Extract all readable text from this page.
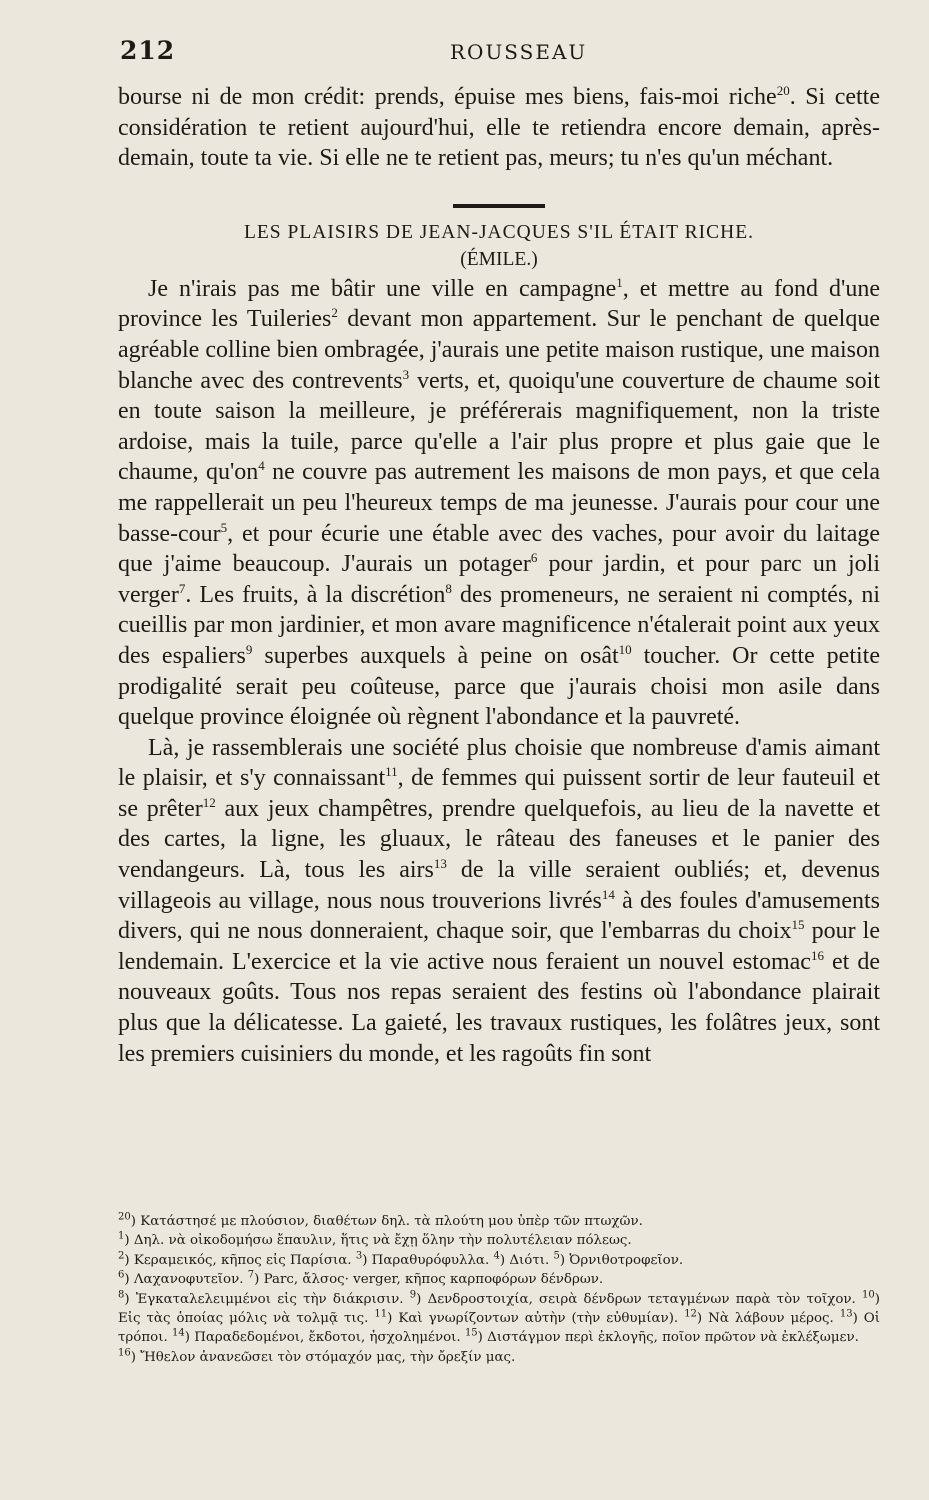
212	ROUSSEAU

bourse ni de mon crédit: prends, épuise mes biens, fais-moi riche$^{20}$. Si cette considération te retient aujourd'hui, elle te retiendra encore demain, après-demain, toute ta vie. Si elle ne te retient pas, meurs; tu n'es qu'un méchant.

LES PLAISIRS DE JEAN-JACQUES S'IL ÉTAIT RICHE.

(ÉMILE.)

Je n'irais pas me bâtir une ville en campagne$^1$, et mettre au fond d'une province les Tuileries$^2$ devant mon appartement. Sur le penchant de quelque agréable colline bien ombragée, j'aurais une petite maison rustique, une maison blanche avec des contrevents$^3$ verts, et, quoiqu'une couverture de chaume soit en toute saison la meilleure, je préférerais magnifiquement, non la triste ardoise, mais la tuile, parce qu'elle a l'air plus propre et plus gaie que le chaume, $qu'on^4$ ne couvre pas autrement les maisons de mon pays, et que cela me rappellerait un peu l'heureux temps de ma jeunesse. J'aurais pour cour une basse-cour$^5$, et pour écurie une étable avec des vaches, pour avoir du laitage que j'aime beaucoup. J'aurais un potager$^6$ pour jardin, et pour parc un joli verger$^7$. Les fruits, à la discrétion$^8$ des promeneurs, ne seraient ni comptés, ni cueillis par mon jardinier, et mon avare magnificence n'étalerait point aux yeux des espaliers$^9$ superbes auxquels à peine on osât$^{10}$ toucher. Or cette petite prodigalité serait peu coûteuse, parce que j'aurais choisi mon asile dans quelque province éloignée où règnent l'abondance et la pauvreté.

Là, je rassemblerais une société plus choisie que nombreuse d'amis aimant le plaisir, et s'y connaissant$^{11}$, de femmes qui puissent sortir de leur fauteuil et se prêter$^{12}$ aux jeux champêtres, prendre quelquefois, au lieu de la navette et des cartes, la ligne, les gluaux, le râteau des faneuses et le panier des vendangeurs. Là, tous les airs$^{13}$ de la ville seraient oubliés; et, devenus villageois au village, nous nous trouverions livrés$^{14}$ à des foules d'amusements divers, qui ne nous donneraient, chaque soir, que l'embarras du choix$^{15}$ pour le lendemain. L'exercice et la vie active nous feraient un nouvel estomac$^{16}$ et de nouveaux goûts. Tous nos repas seraient des festins où l'abondance plairait plus que la délicatesse. La gaieté, les travaux rustiques, les folâtres jeux, sont les premiers cuisiniers du monde, et les ragoûts fin sont

$^{20}$) Κατάστησέ με πλούσιον, διαθέτων δηλ. τὰ πλούτη μου ὑπὲρ τῶν πτωχῶν.
$^1$) Δηλ. νὰ οἰκοδομήσω ἔπαυλιν, ἥτις νὰ ἔχῃ ὅλην τὴν πολυτέλειαν πόλεως.
$^2$) Κεραμεικός, κῆπος εἰς Παρίσια. $^3$) Παραθυρόφυλλα. $^4$) Διότι. $^5$) Ὀρνιθοτροφεῖον.
$^6$) Λαχανοφυτεῖον. $^7$) Parc, ἄλσος· verger, κῆπος καρποφόρων δένδρων.
$^8$) Ἐγκαταλελειμμένοι εἰς τὴν διάκρισιν. $^9$) Δενδροστοιχία, σειρὰ δένδρων τεταγμένων παρὰ τὸν τοῖχον. $^{10}$) Εἰς τὰς ὁποίας μόλις νὰ τολμᾷ τις. $^{11}$) Καὶ γνωρίζοντων αὐτὴν (τὴν εὐθυμίαν). $^{12}$) Νὰ λάβουν μέρος. $^{13}$) Οἱ τρόποι. $^{14}$) Παραδεδομένοι, ἔκδοτοι, ἠσχολημένοι. $^{15}$) Διστάγμον περὶ ἐκλογῆς, ποῖον πρῶτον νὰ ἐκλέξωμεν.
$^{16}$) Ἤθελον ἀνανεῶσει τὸν στόμαχόν μας, τὴν ὄρεξίν μας.
